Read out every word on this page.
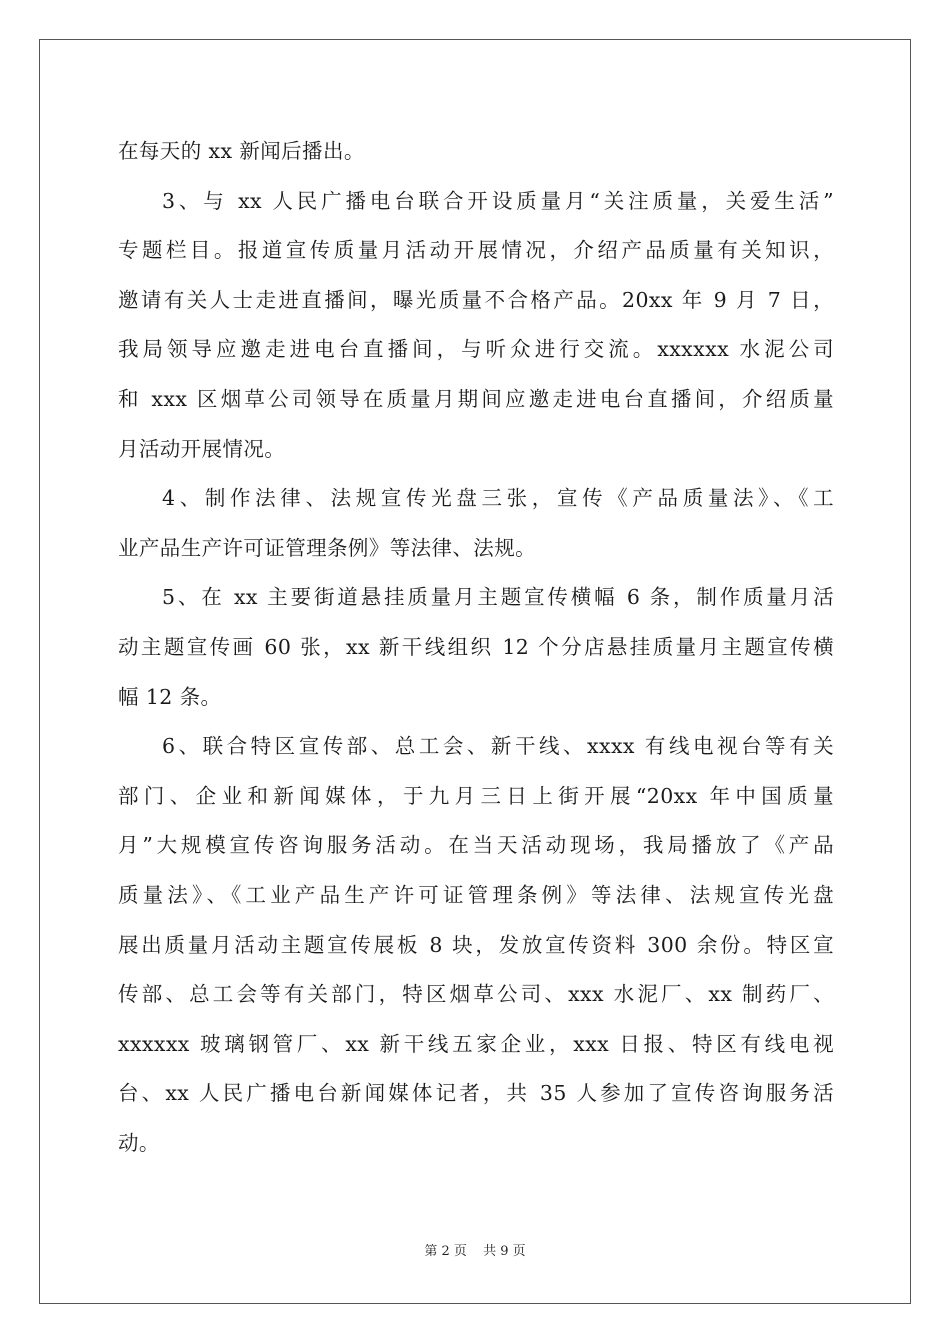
在每天的 xx 新闻后播出。
3、与 xx 人民广播电台联合开设质量月“关注质量，关爱生活”
专题栏目。报道宣传质量月活动开展情况，介绍产品质量有关知识，
邀请有关人士走进直播间，曝光质量不合格产品。20xx 年 9 月 7 日，
我局领导应邀走进电台直播间，与听众进行交流。xxxxxx 水泥公司
和 xxx 区烟草公司领导在质量月期间应邀走进电台直播间，介绍质量
月活动开展情况。
4、制作法律、法规宣传光盘三张，宣传《产品质量法》、《工
业产品生产许可证管理条例》等法律、法规。
5、在 xx 主要街道悬挂质量月主题宣传横幅 6 条，制作质量月活
动主题宣传画 60 张，xx 新干线组织 12 个分店悬挂质量月主题宣传横
幅 12 条。
6、联合特区宣传部、总工会、新干线、xxxx 有线电视台等有关
部门、企业和新闻媒体，于九月三日上街开展“20xx 年中国质量
月”大规模宣传咨询服务活动。在当天活动现场，我局播放了《产品
质量法》、《工业产品生产许可证管理条例》等法律、法规宣传光盘
展出质量月活动主题宣传展板 8 块，发放宣传资料 300 余份。特区宣
传部、总工会等有关部门，特区烟草公司、xxx 水泥厂、xx 制药厂、
xxxxxx 玻璃钢管厂、xx 新干线五家企业，xxx 日报、特区有线电视
台、xx 人民广播电台新闻媒体记者，共 35 人参加了宣传咨询服务活
动。
第 2 页 共 9 页
